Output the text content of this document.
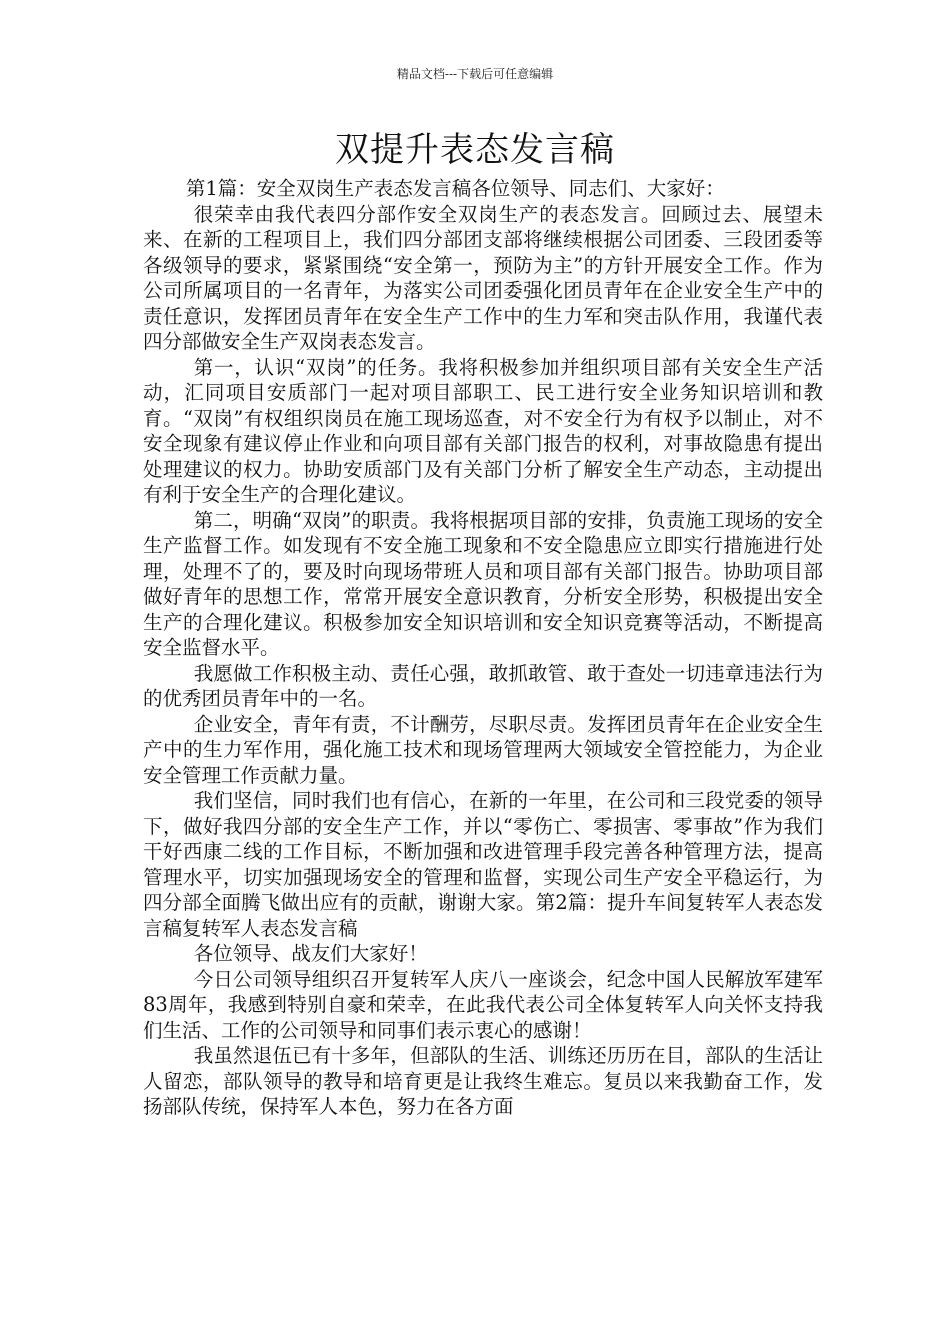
精品文档---下载后可任意编辑
双提升表态发言稿

第1篇：安全双岗生产表态发言稿各位领导、同志们、大家好：

很荣幸由我代表四分部作安全双岗生产的表态发言。回顾过去、展望未来、在新的工程项目上，我们四分部团支部将继续根据公司团委、三段团委等各级领导的要求，紧紧围绕“安全第一，预防为主”的方针开展安全工作。作为公司所属项目的一名青年，为落实公司团委强化团员青年在企业安全生产中的责任意识，发挥团员青年在安全生产工作中的生力军和突击队作用，我谨代表四分部做安全生产双岗表态发言。

第一，认识“双岗”的任务。我将积极参加并组织项目部有关安全生产活动，汇同项目安质部门一起对项目部职工、民工进行安全业务知识培训和教育。“双岗”有权组织岗员在施工现场巡查，对不安全行为有权予以制止，对不安全现象有建议停止作业和向项目部有关部门报告的权利，对事故隐患有提出处理建议的权力。协助安质部门及有关部门分析了解安全生产动态，主动提出有利于安全生产的合理化建议。

第二，明确“双岗”的职责。我将根据项目部的安排，负责施工现场的安全生产监督工作。如发现有不安全施工现象和不安全隐患应立即实行措施进行处理，处理不了的，要及时向现场带班人员和项目部有关部门报告。协助项目部做好青年的思想工作，常常开展安全意识教育，分析安全形势，积极提出安全生产的合理化建议。积极参加安全知识培训和安全知识竞赛等活动，不断提高安全监督水平。

我愿做工作积极主动、责任心强，敢抓敢管、敢于查处一切违章违法行为的优秀团员青年中的一名。

企业安全，青年有责，不计酬劳，尽职尽责。发挥团员青年在企业安全生产中的生力军作用，强化施工技术和现场管理两大领域安全管控能力，为企业安全管理工作贡献力量。

我们坚信，同时我们也有信心，在新的一年里，在公司和三段党委的领导下，做好我四分部的安全生产工作，并以“零伤亡、零损害、零事故”作为我们干好西康二线的工作目标，不断加强和改进管理手段完善各种管理方法，提高管理水平，切实加强现场安全的管理和监督，实现公司生产安全平稳运行，为四分部全面腾飞做出应有的贡献，谢谢大家。第2篇：提升车间复转军人表态发言稿复转军人表态发言稿

各位领导、战友们大家好！

今日公司领导组织召开复转军人庆八一座谈会，纪念中国人民解放军建军83周年，我感到特别自豪和荣幸，在此我代表公司全体复转军人向关怀支持我们生活、工作的公司领导和同事们表示衷心的感谢！

我虽然退伍已有十多年，但部队的生活、训练还历历在目，部队的生活让人留恋，部队领导的教导和培育更是让我终生难忘。复员以来我勤奋工作，发扬部队传统，保持军人本色，努力在各方面
